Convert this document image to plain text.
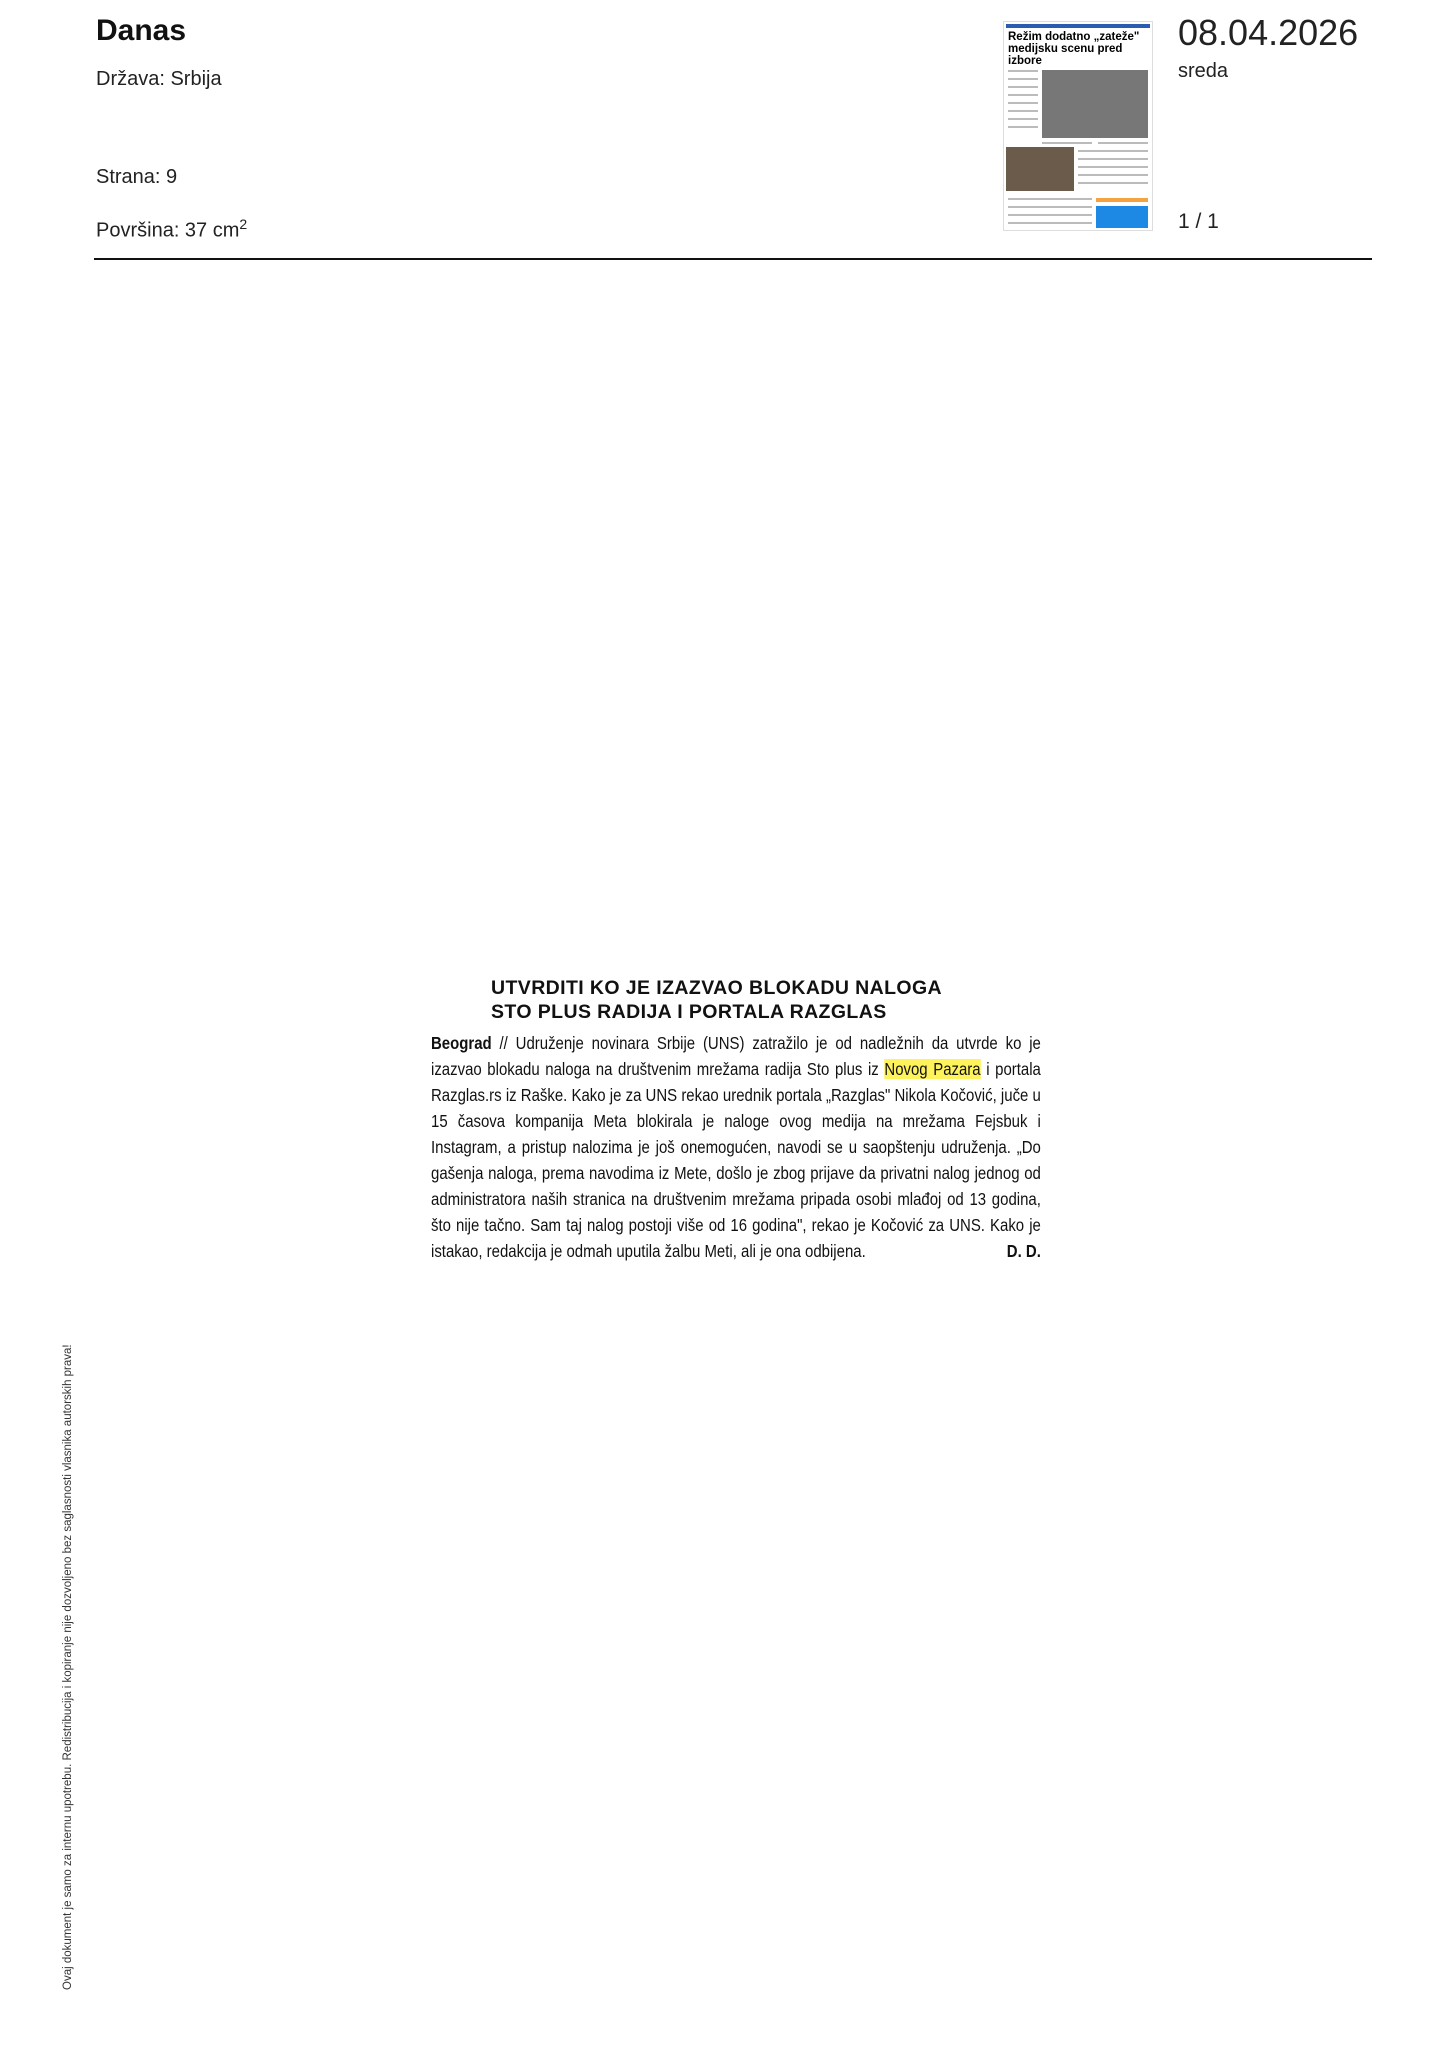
Danas
Država: Srbija
Strana: 9
Površina: 37 $cm^2$
Režim dodatno „zateže" medijsku scenu pred izbore
08.04.2026
sreda
1 / 1
UTVRDITI KO JE IZAZVAO BLOKADU NALOGA
STO PLUS RADIJA I PORTALA RAZGLAS
Beograd // Udruženje novinara Srbije (UNS) zatražilo je od nadležnih da utvrde ko je izazvao blokadu naloga na društvenim mrežama radija Sto plus iz Novog Pazara i portala Razglas.rs iz Raške. Kako je za UNS rekao urednik portala „Razglas" Nikola Kočović, juče u 15 časova kompanija Meta blokirala je naloge ovog medija na mrežama Fejsbuk i Instagram, a pristup nalozima je još onemogućen, navodi se u saopštenju udruženja. „Do gašenja naloga, prema navodima iz Mete, došlo je zbog prijave da privatni nalog jednog od administratora naših stranica na društvenim mrežama pripada osobi mlađoj od 13 godina, što nije tačno. Sam taj nalog postoji više od 16 godina", rekao je Kočović za UNS. Kako je istakao, redakcija je odmah uputila žalbu Meti, ali je ona odbijena.	D. D.
Ovaj dokument je samo za internu upotrebu. Redistribucija i kopiranje nije dozvoljeno bez saglasnosti vlasnika autorskih prava!
